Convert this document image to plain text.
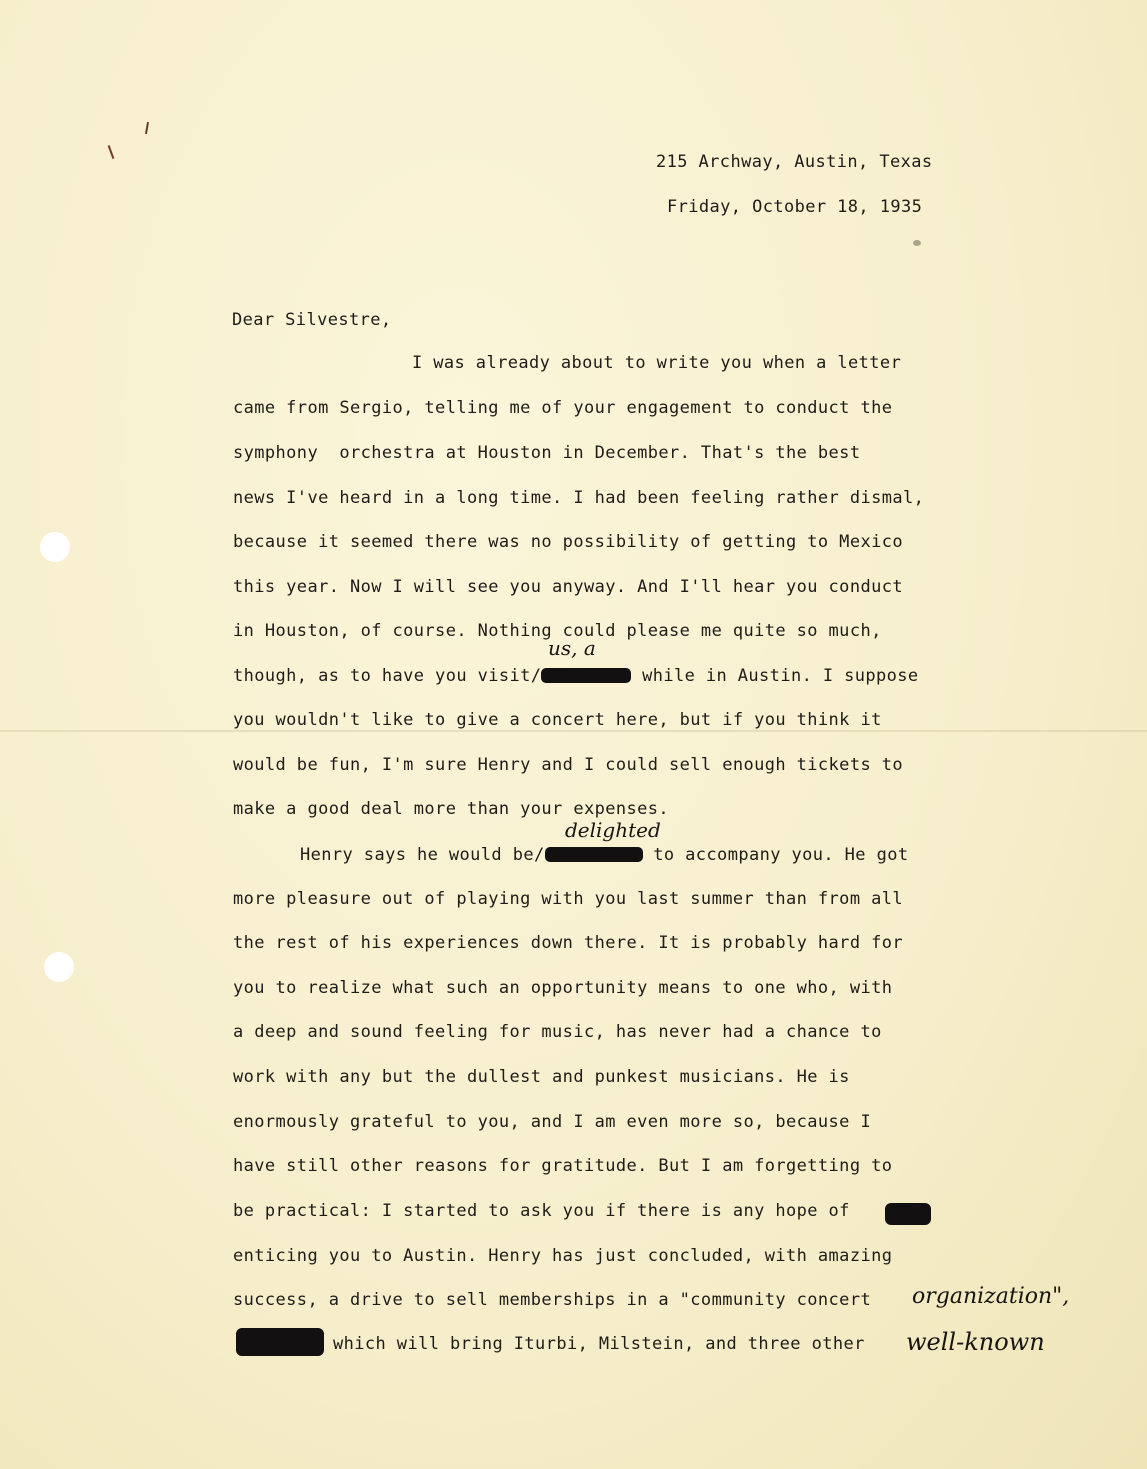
215 Archway, Austin, Texas
Friday, October 18, 1935
Dear Silvestre,
I was already about to write you when a letter
came from Sergio, telling me of your engagement to conduct the
symphony  orchestra at Houston in December. That's the best
news I've heard in a long time. I had been feeling rather dismal,
because it seemed there was no possibility of getting to Mexico
this year. Now I will see you anyway. And I'll hear you conduct
in Houston, of course. Nothing could please me quite so much,
us, a
though, as to have you visit/	while in Austin. I suppose
you wouldn't like to give a concert here, but if you think it
would be fun, I'm sure Henry and I could sell enough tickets to
make a good deal more than your expenses.
delighted
Henry says he would be/	to accompany you. He got
more pleasure out of playing with you last summer than from all
the rest of his experiences down there. It is probably hard for
you to realize what such an opportunity means to one who, with
a deep and sound feeling for music, has never had a chance to
work with any but the dullest and punkest musicians. He is
enormously grateful to you, and I am even more so, because I
have still other reasons for gratitude. But I am forgetting to
be practical: I started to ask you if there is any hope of
enticing you to Austin. Henry has just concluded, with amazing
success, a drive to sell memberships in a "community concert organization",
which will bring Iturbi, Milstein, and three other well-known
